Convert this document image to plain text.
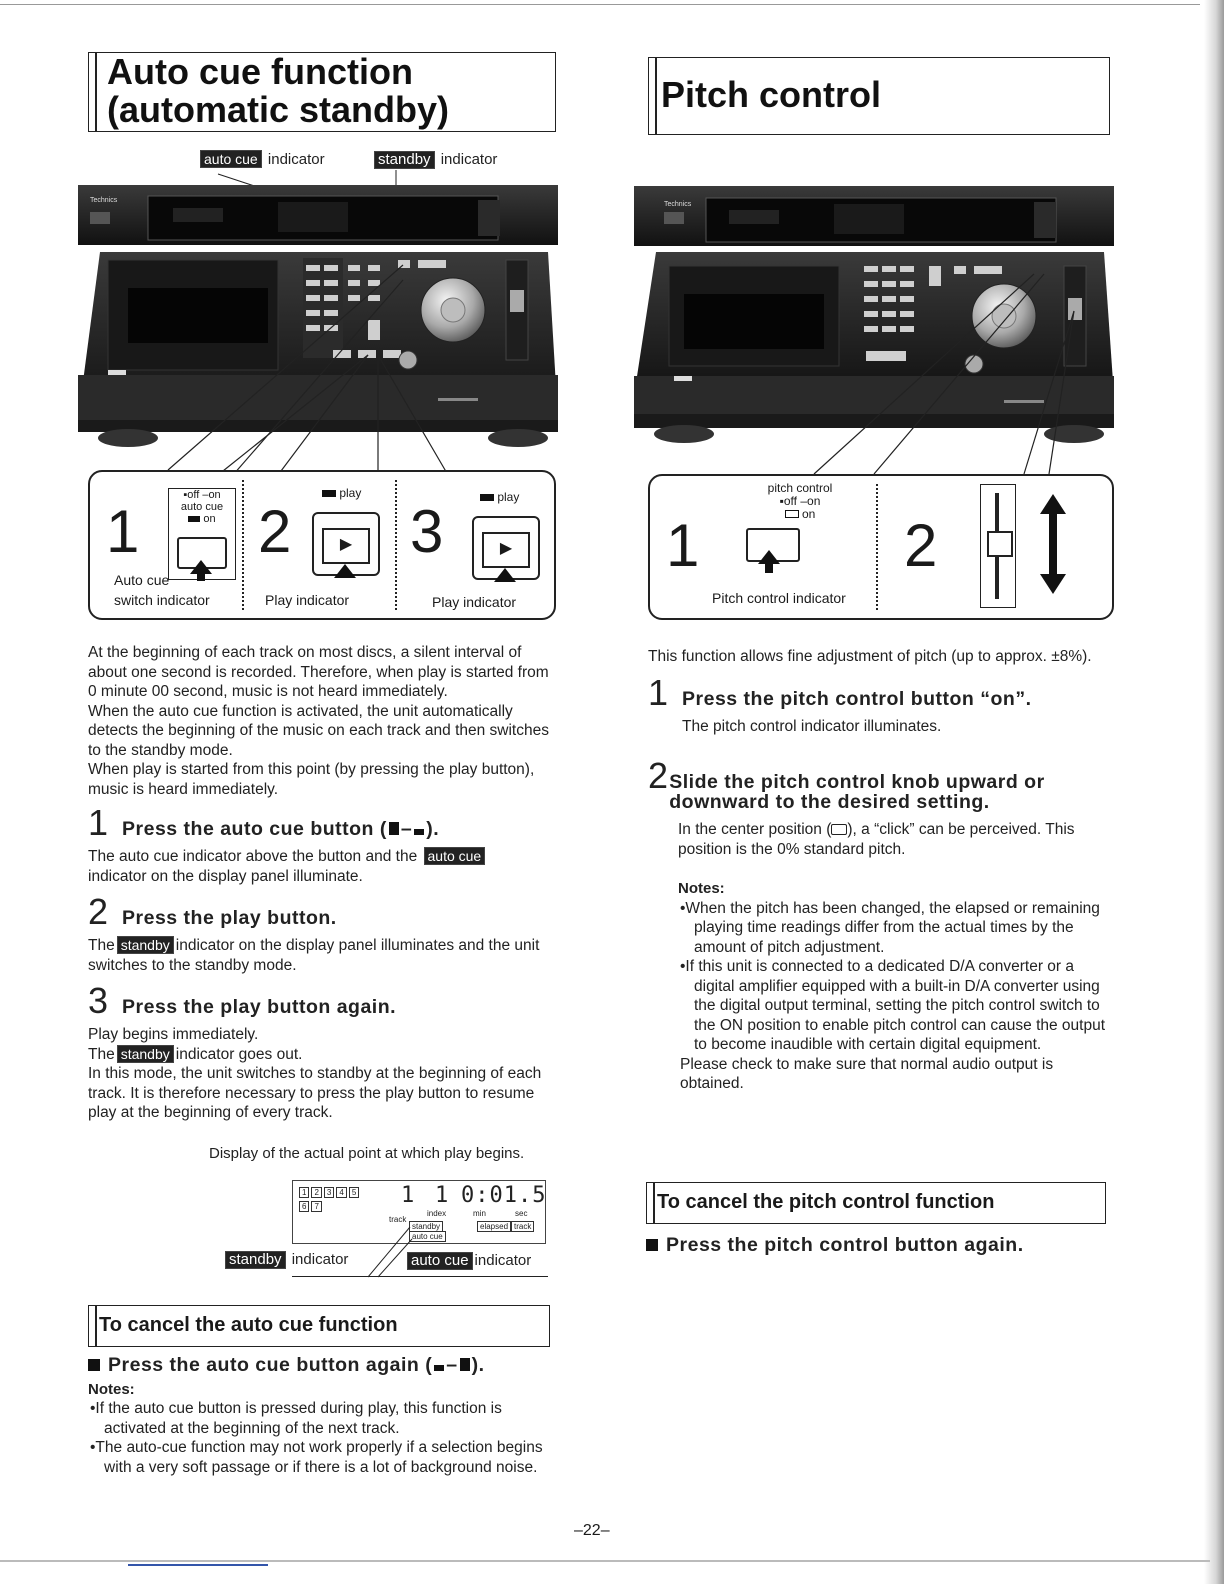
Auto cue function
(automatic standby)
auto cue indicator	standby indicator
Technics
1
▪off –on
auto cue
on
Auto cue
switch indicator
2
play
▶
Play indicator
3
play
▶
Play indicator

At the beginning of each track on most discs, a silent interval of about one second is recorded. Therefore, when play is started from 0 minute 00 second, music is not heard immediately.

When the auto cue function is activated, the unit automatically detects the beginning of the music on each track and then switches to the standby mode.

When play is started from this point (by pressing the play button), music is heard immediately.

1 Press the auto cue button ( – ).

The auto cue indicator above the button and the auto cue indicator on the display panel illuminate.

2 Press the play button.

The standby indicator on the display panel illuminates and the unit switches to the standby mode.

3 Press the play button again.

Play begins immediately.

The standby indicator goes out.

In this mode, the unit switches to standby at the beginning of each track. It is therefore necessary to press the play button to resume play at the beginning of every track.

Display of the actual point at which play begins.
1	2	3	4	5
6	7	1 1 0:01.5
track
index	min	sec
standby
auto cue
elapsed track
standby indicator	auto cue indicator
To cancel the auto cue function
Press the auto cue button again ( – ).

Notes:

•If the auto cue button is pressed during play, this function is activated at the beginning of the next track.

•The auto-cue function may not work properly if a selection begins with a very soft passage or if there is a lot of background noise.

Pitch control
Technics
1
pitch control
▪off –on
on
Pitch control indicator
2

This function allows fine adjustment of pitch (up to approx. ±8%).

1 Press the pitch control button “on”.

The pitch control indicator illuminates.

2 Slide the pitch control knob upward or downward to the desired setting.

In the center position ( ), a “click” can be perceived. This position is the 0% standard pitch.

Notes:

•When the pitch has been changed, the elapsed or remaining playing time readings differ from the actual times by the amount of pitch adjustment.

•If this unit is connected to a dedicated D/A converter or a digital amplifier equipped with a built-in D/A converter using the digital output terminal, setting the pitch control switch to the ON position to enable pitch control can cause the output to become inaudible with certain digital equipment.

Please check to make sure that normal audio output is obtained.

To cancel the pitch control function
Press the pitch control button again.
–22–
